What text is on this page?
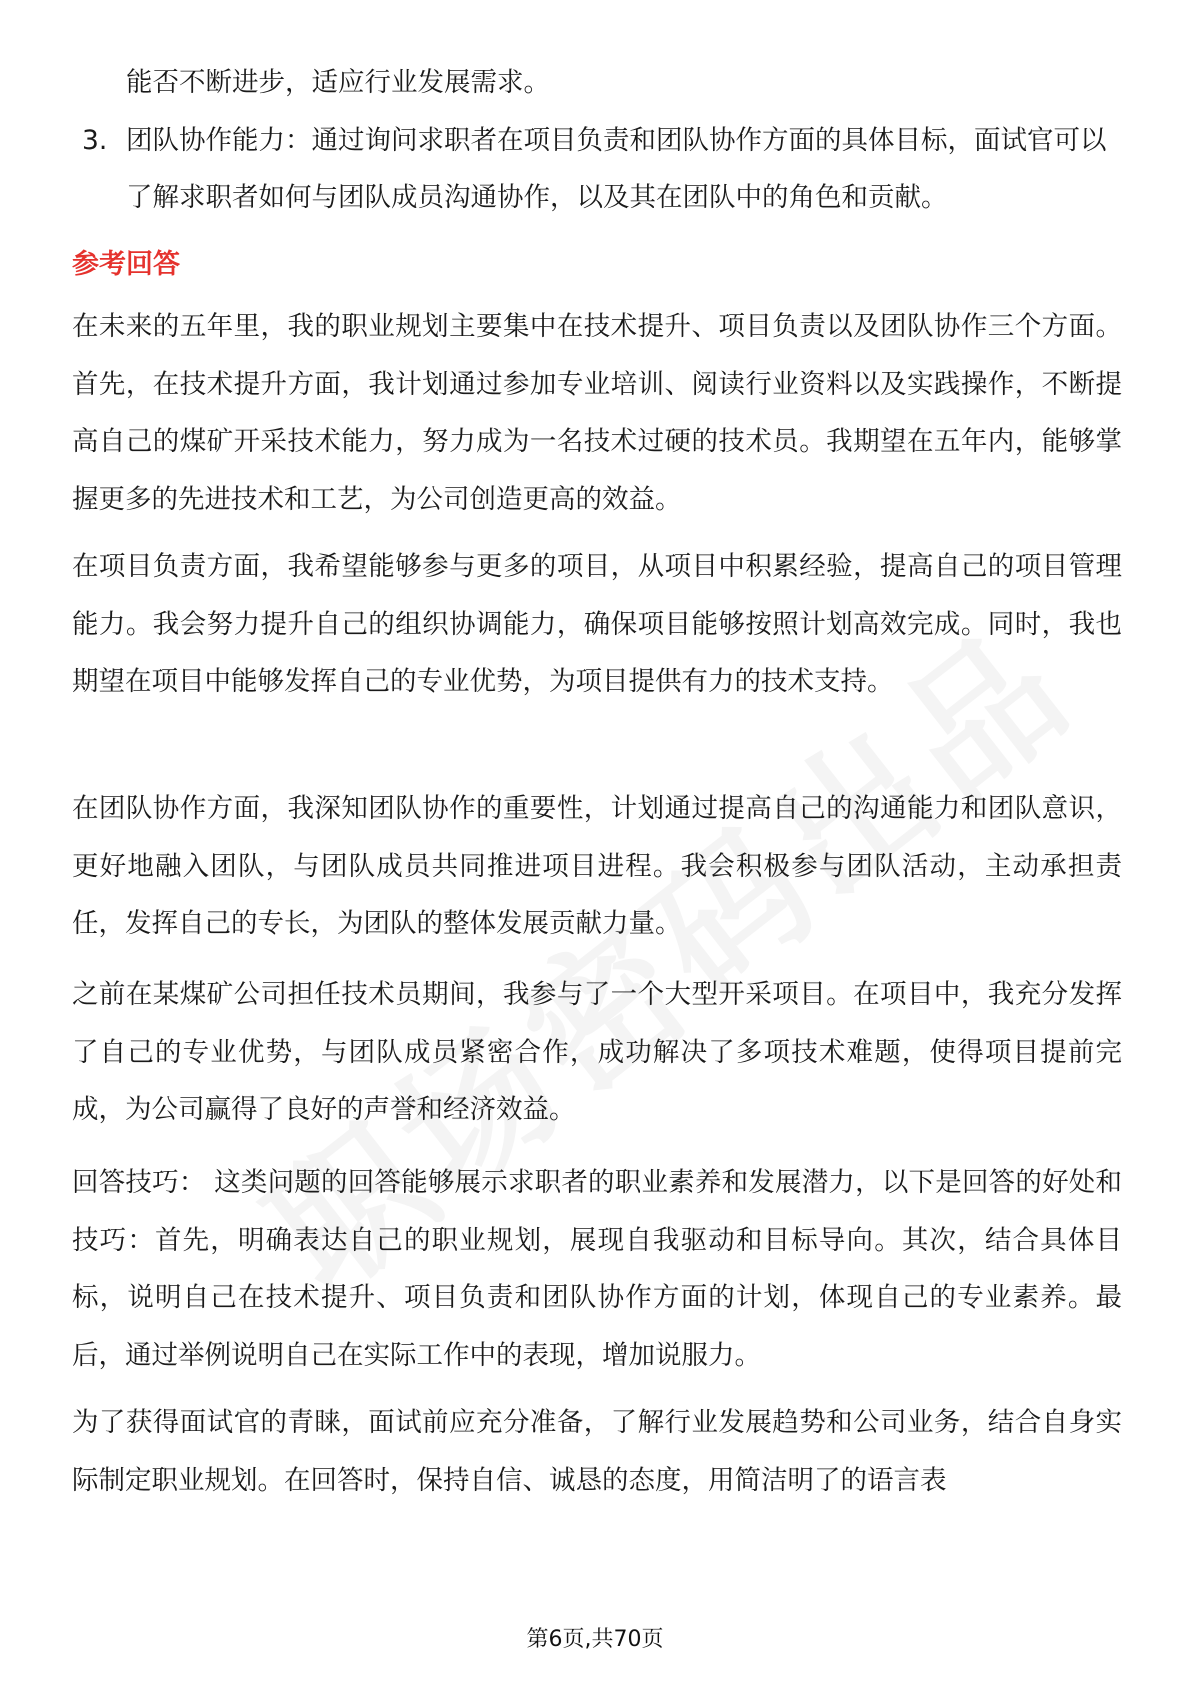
能否不断进步，适应行业发展需求。
3. 团队协作能力：通过询问求职者在项目负责和团队协作方面的具体目标，面试官可以了解求职者如何与团队成员沟通协作，以及其在团队中的角色和贡献。
参考回答
在未来的五年里，我的职业规划主要集中在技术提升、项目负责以及团队协作三个方面。首先，在技术提升方面，我计划通过参加专业培训、阅读行业资料以及实践操作，不断提高自己的煤矿开采技术能力，努力成为一名技术过硬的技术员。我期望在五年内，能够掌握更多的先进技术和工艺，为公司创造更高的效益。
在项目负责方面，我希望能够参与更多的项目，从项目中积累经验，提高自己的项目管理能力。我会努力提升自己的组织协调能力，确保项目能够按照计划高效完成。同时，我也期望在项目中能够发挥自己的专业优势，为项目提供有力的技术支持。
在团队协作方面，我深知团队协作的重要性，计划通过提高自己的沟通能力和团队意识，更好地融入团队，与团队成员共同推进项目进程。我会积极参与团队活动，主动承担责任，发挥自己的专长，为团队的整体发展贡献力量。
之前在某煤矿公司担任技术员期间，我参与了一个大型开采项目。在项目中，我充分发挥了自己的专业优势，与团队成员紧密合作，成功解决了多项技术难题，使得项目提前完成，为公司赢得了良好的声誉和经济效益。
回答技巧： 这类问题的回答能够展示求职者的职业素养和发展潜力，以下是回答的好处和技巧：首先，明确表达自己的职业规划，展现自我驱动和目标导向。其次，结合具体目标，说明自己在技术提升、项目负责和团队协作方面的计划，体现自己的专业素养。最后，通过举例说明自己在实际工作中的表现，增加说服力。
为了获得面试官的青睐，面试前应充分准备，了解行业发展趋势和公司业务，结合自身实际制定职业规划。在回答时，保持自信、诚恳的态度，用简洁明了的语言表
第6页,共70页
